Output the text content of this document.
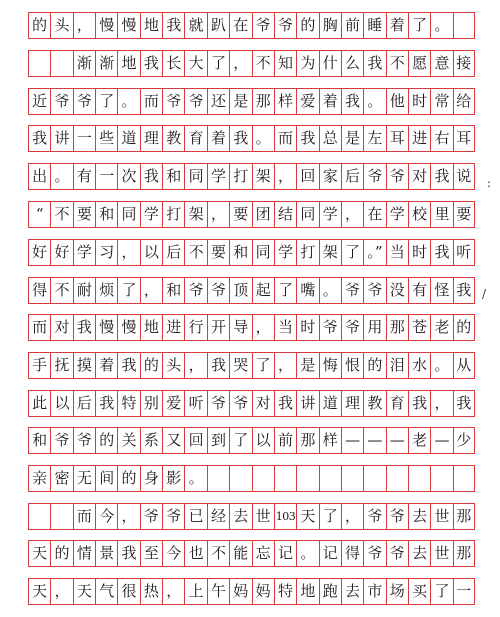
的 头 ， 慢 慢 地 我 就 趴 在 爷 爷 的 胸 前 睡 着 了 。
渐 渐 地 我 长 大 了 ， 不 知 为 什 么 我 不 愿 意 接
近 爷 爷 了 。 而 爷 爷 还 是 那 样 爱 着 我 。 他 时 常 给
我 讲 一 些 道 理 教 育 着 我 。 而 我 总 是 左 耳 进 右 耳
出 。 有 一 次 我 和 同 学 打 架 ， 回 家 后 爷 爷 对 我 说
“ 不 要 和 同 学 打 架 ， 要 团 结 同 学 ， 在 学 校 里 要
好 好 学 习 ， 以 后 不 要 和 同 学 打 架 了 。” 当 时 我 听
得 不 耐 烦 了 ， 和 爷 爷 顶 起 了 嘴 。 爷 爷 没 有 怪 我
而 对 我 慢 慢 地 进 行 开 导 ， 当 时 爷 爷 用 那 苍 老 的
手 抚 摸 着 我 的 头 ， 我 哭 了 ， 是 悔 恨 的 泪 水 。 从
此 以 后 我 特 别 爱 听 爷 爷 对 我 讲 道 理 教 育 我 ， 我
和 爷 爷 的 关 系 又 回 到 了 以 前 那 样 — — — 老 — 少
亲 密 无 间 的 身 影 。
而 今 ， 爷 爷 已 经 去 世 103 天 了 ， 爷 爷 去 世 那
天 的 情 景 我 至 今 也 不 能 忘 记 。 记 得 爷 爷 去 世 那
天 ， 天 气 很 热 ， 上 午 妈 妈 特 地 跑 去 市 场 买 了 一
:
/
